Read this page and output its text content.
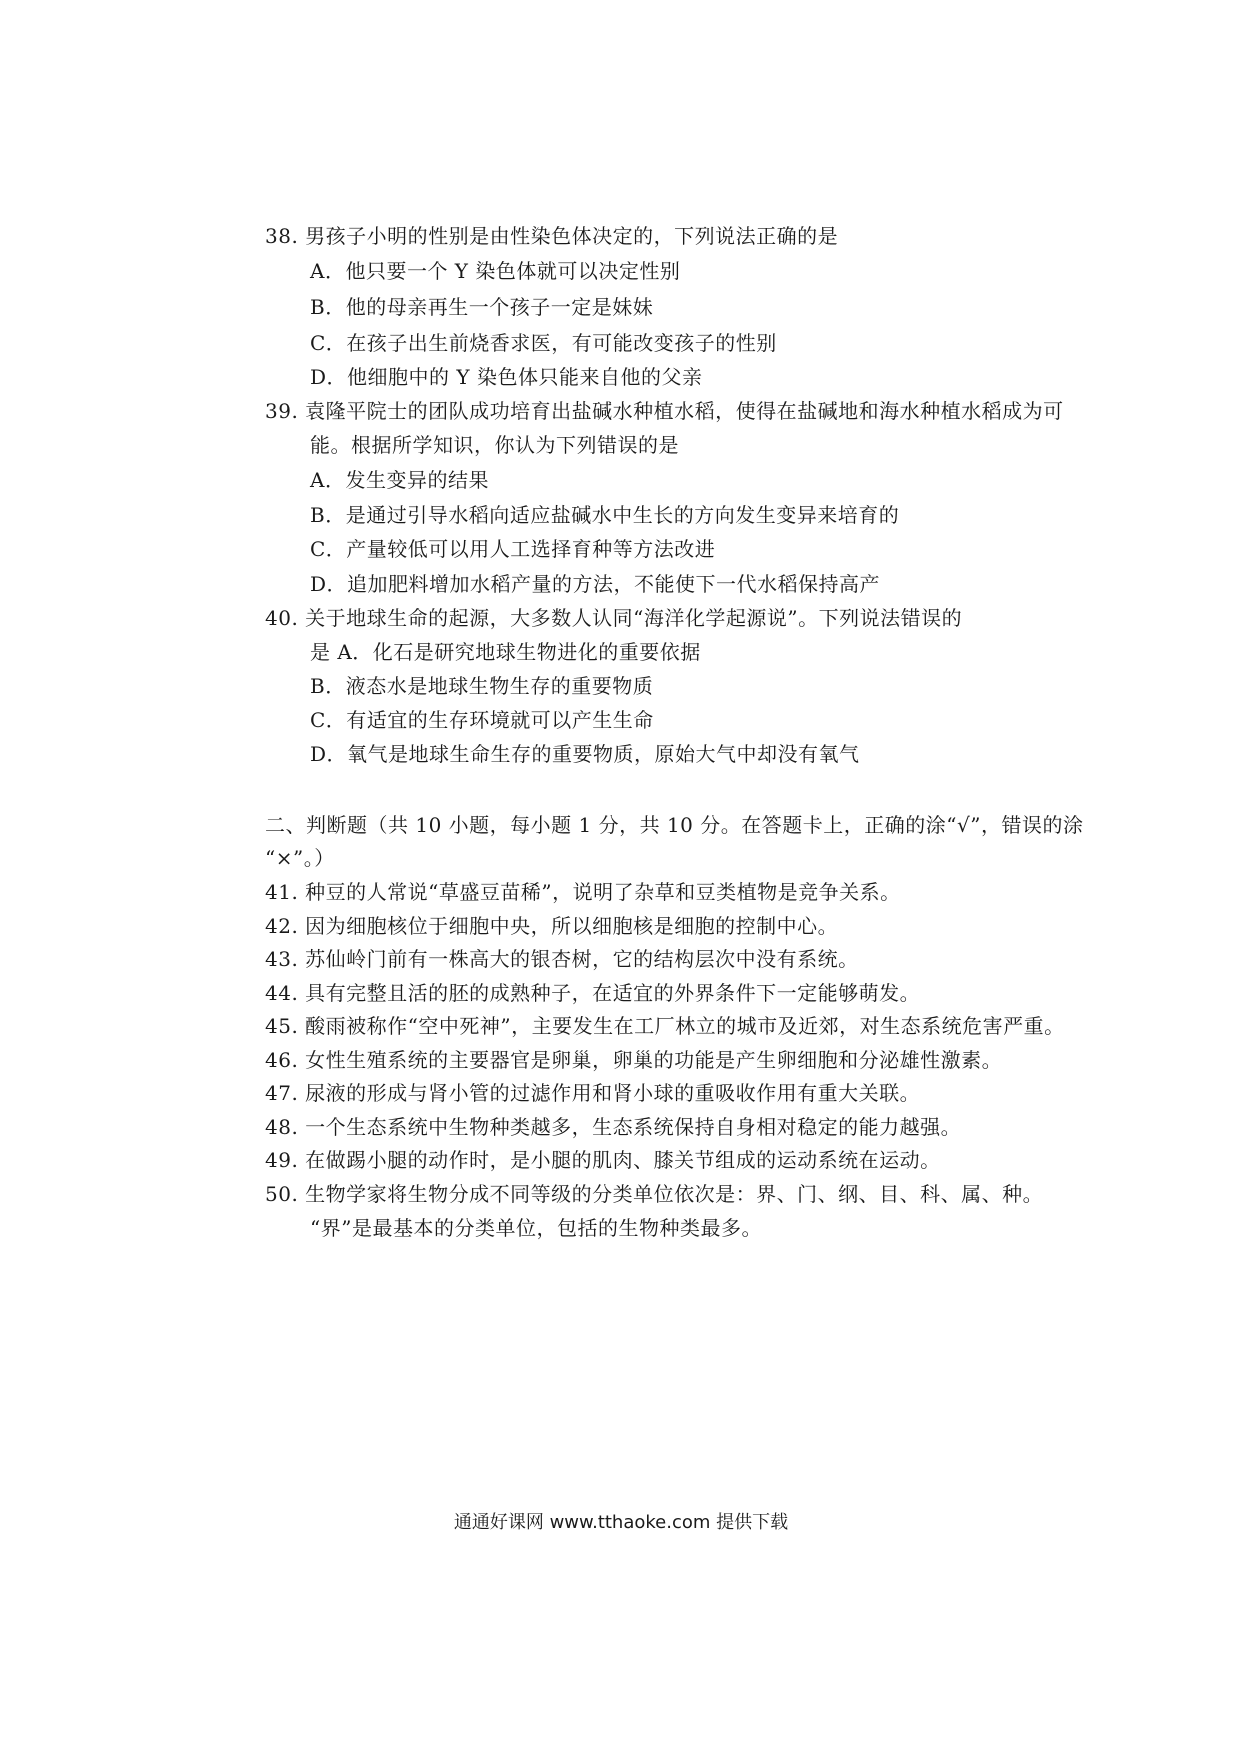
38. 男孩子小明的性别是由性染色体决定的，下列说法正确的是
A．他只要一个 Y 染色体就可以决定性别
B．他的母亲再生一个孩子一定是妹妹
C．在孩子出生前烧香求医，有可能改变孩子的性别
D．他细胞中的 Y 染色体只能来自他的父亲
39. 袁隆平院士的团队成功培育出盐碱水种植水稻，使得在盐碱地和海水种植水稻成为可
能。根据所学知识，你认为下列错误的是
A．发生变异的结果
B．是通过引导水稻向适应盐碱水中生长的方向发生变异来培育的
C．产量较低可以用人工选择育种等方法改进
D．追加肥料增加水稻产量的方法，不能使下一代水稻保持高产
40. 关于地球生命的起源，大多数人认同“海洋化学起源说”。下列说法错误的
是 A．化石是研究地球生物进化的重要依据
B．液态水是地球生物生存的重要物质
C．有适宜的生存环境就可以产生生命
D．氧气是地球生命生存的重要物质，原始大气中却没有氧气
二、判断题（共 10 小题，每小题 1 分，共 10 分。在答题卡上，正确的涂“√”，错误的涂
“×”。）
41. 种豆的人常说“草盛豆苗稀”，说明了杂草和豆类植物是竞争关系。
42. 因为细胞核位于细胞中央，所以细胞核是细胞的控制中心。
43. 苏仙岭门前有一株高大的银杏树，它的结构层次中没有系统。
44. 具有完整且活的胚的成熟种子，在适宜的外界条件下一定能够萌发。
45. 酸雨被称作“空中死神”，主要发生在工厂林立的城市及近郊，对生态系统危害严重。
46. 女性生殖系统的主要器官是卵巢，卵巢的功能是产生卵细胞和分泌雄性激素。
47. 尿液的形成与肾小管的过滤作用和肾小球的重吸收作用有重大关联。
48. 一个生态系统中生物种类越多，生态系统保持自身相对稳定的能力越强。
49. 在做踢小腿的动作时，是小腿的肌肉、膝关节组成的运动系统在运动。
50. 生物学家将生物分成不同等级的分类单位依次是：界、门、纲、目、科、属、种。
“界”是最基本的分类单位，包括的生物种类最多。
通通好课网 www.tthaoke.com 提供下载
